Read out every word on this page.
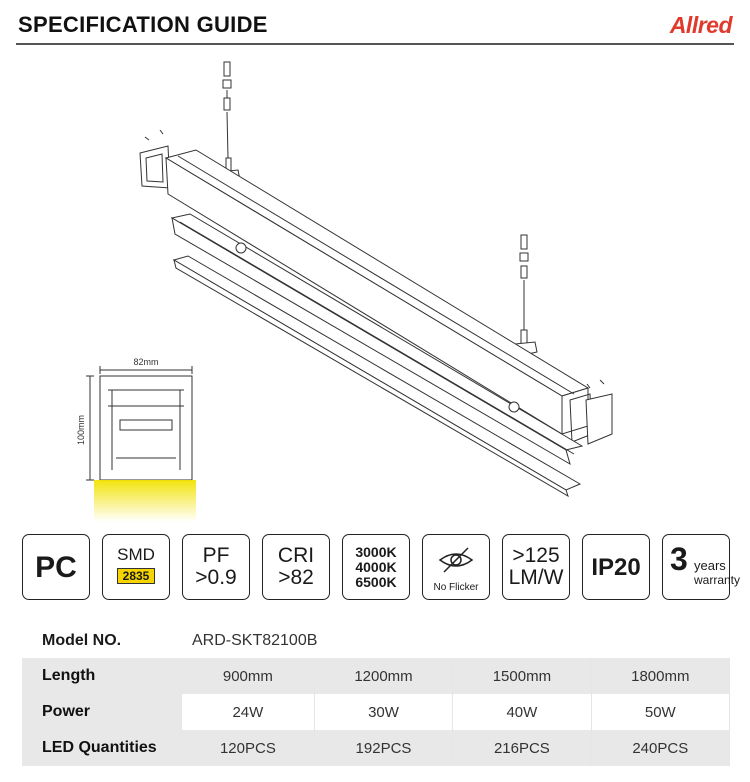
SPECIFICATION GUIDE	Allred
82mm
100mm
PC	SMD
2835
PF
>0.9
CRI
>82
3000K
4000K
6500K	No Flicker
>125
LM/W	IP20 3 years
warranty
Model NO.	ARD-SKT82100B
Length	900mm	1200mm	1500mm	1800mm
Power	24W	30W	40W	50W
LED Quantities	120PCS	192PCS	216PCS	240PCS
